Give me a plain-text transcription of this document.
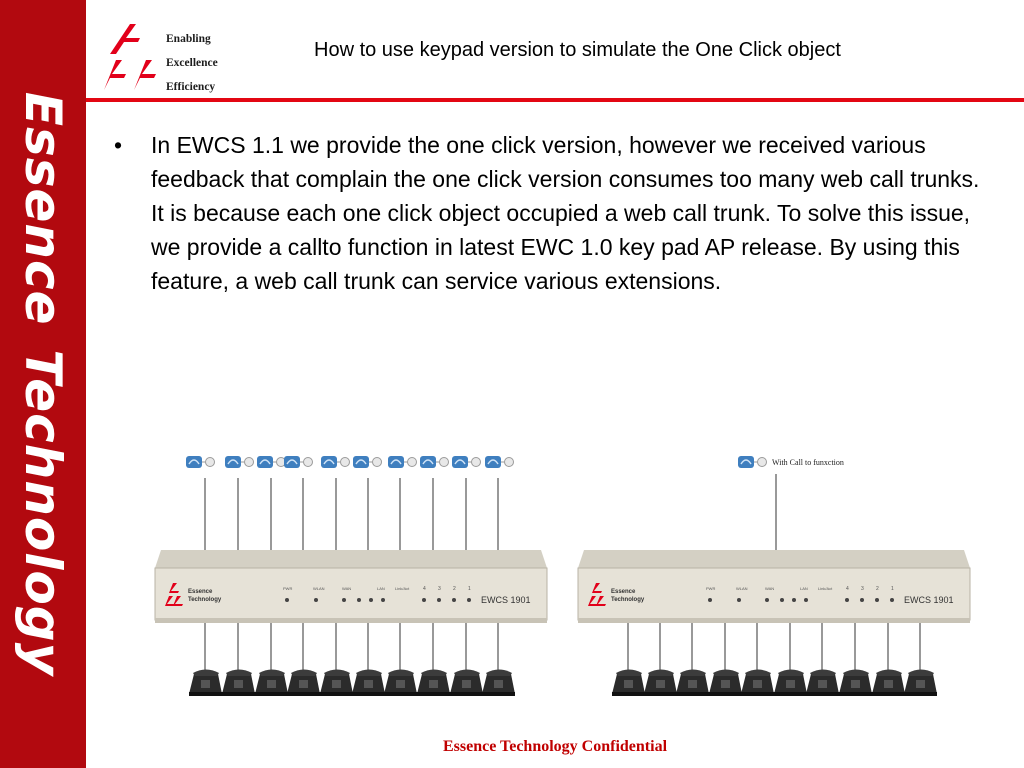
EssenceTechnology
Enabling
Excellence
Efficiency
How to use keypad version to simulate the One Click object
• In EWCS 1.1 we provide the one click version, however we received various feedback that complain the one click version consumes too many web call trunks. It is because each one click object occupied a web call trunk. To solve this issue, we provide a callto function in latest EWC 1.0 key pad AP release. By using this feature, a web call trunk can service various extensions.
Essence
Technology
PWR	WLAN	WAN	LAN	Link/Act	4 3 2 1
EWCS 1901
Essence
Technology
PWR	WLAN	WAN	LAN	Link/Act	4 3 2 1
EWCS 1901
With Call to funxction
Essence Technology Confidential
